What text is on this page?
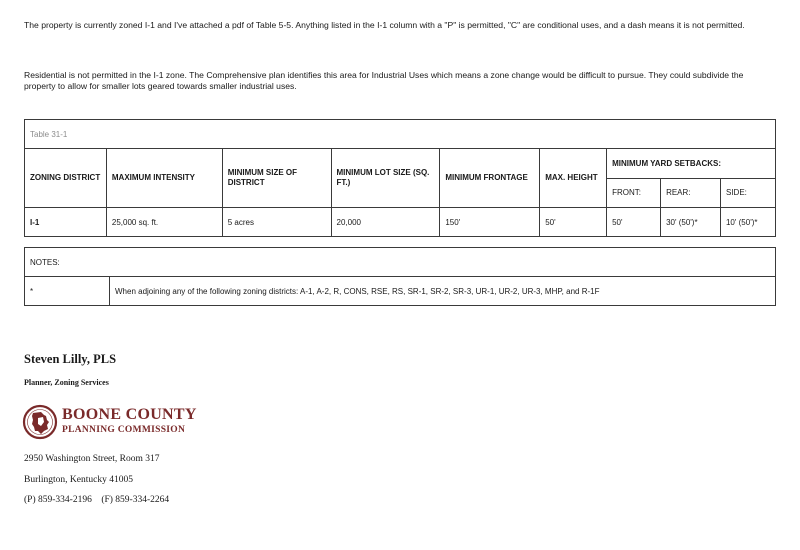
The property is currently zoned I-1 and I've attached a pdf of Table 5-5. Anything listed in the I-1 column with a "P" is permitted, "C" are conditional uses, and a dash means it is not permitted.

Residential is not permitted in the I-1 zone. The Comprehensive plan identifies this area for Industrial Uses which means a zone change would be difficult to pursue. They could subdivide the property to allow for smaller lots geared towards smaller industrial uses.

Table 31-1								
ZONING DISTRICT	MAXIMUM INTENSITY	MINIMUM SIZE OF DISTRICT	MINIMUM LOT SIZE (SQ. FT.)	MINIMUM FRONTAGE	MAX. HEIGHT	MINIMUM YARD SETBACKS:		
						FRONT:	REAR:	SIDE:
I-1	25,000 sq. ft.	5 acres	20,000	150'	50'	50'	30' (50')*	10' (50')*
NOTES:
*	When adjoining any of the following zoning districts: A-1, A-2, R, CONS, RSE, RS, SR-1, SR-2, SR-3, UR-1, UR-2, UR-3, MHP, and R-1F

Steven Lilly, PLS

Planner, Zoning Services

BOONE COUNTY

PLANNING COMMISSION

2950 Washington Street, Room 317

Burlington, Kentucky 41005

(P) 859-334-2196    (F) 859-334-2264
